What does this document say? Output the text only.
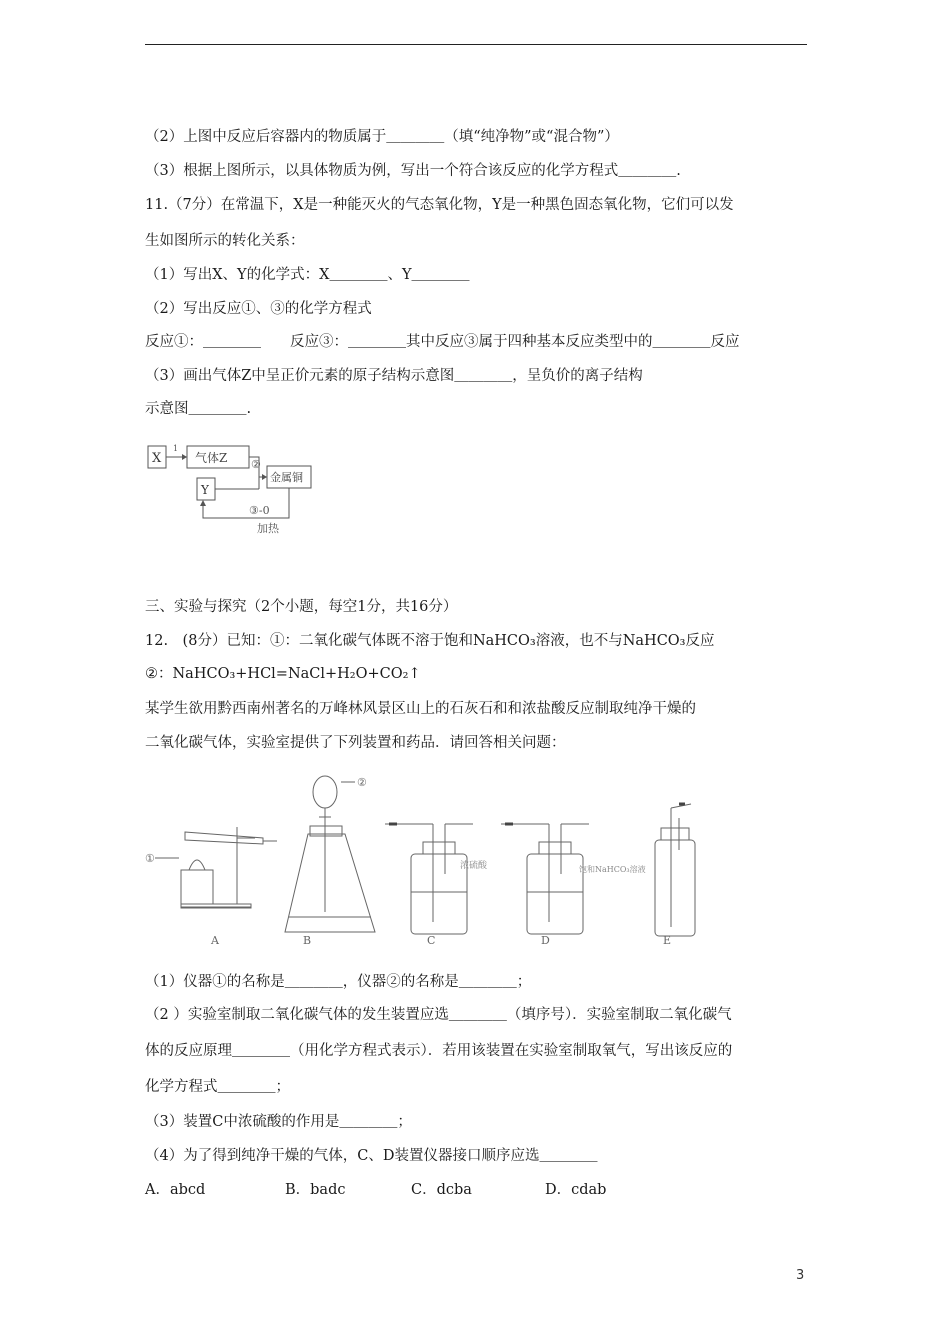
（2）上图中反应后容器内的物质属于＿＿＿＿（填“纯净物”或“混合物”）
（3）根据上图所示，以具体物质为例，写出一个符合该反应的化学方程式＿＿＿＿.
11.（7分）在常温下，X是一种能灭火的气态氧化物，Y是一种黑色固态氧化物，它们可以发
生如图所示的转化关系：
（1）写出X、Y的化学式：X＿＿＿＿、Y＿＿＿＿
（2）写出反应①、③的化学方程式
反应①：＿＿＿＿　　反应③：＿＿＿＿其中反应③属于四种基本反应类型中的＿＿＿＿反应
（3）画出气体Z中呈正价元素的原子结构示意图＿＿＿＿，呈负价的离子结构
示意图＿＿＿＿.
X
1
气体Z ②
金属铜
Y
③-0
加热
三、实验与探究（2个小题，每空1分，共16分）
12.　(8分）已知：①：二氧化碳气体既不溶于饱和NaHCO₃溶液，也不与NaHCO₃反应
②：NaHCO₃+HCl=NaCl+H₂O+CO₂↑
某学生欲用黔西南州著名的万峰林风景区山上的石灰石和和浓盐酸反应制取纯净干燥的
二氧化碳气体，实验室提供了下列装置和药品．请回答相关问题：
①
②
浓硫酸	饱和NaHCO₃溶液
A	B	C	D	E
（1）仪器①的名称是＿＿＿＿，仪器②的名称是＿＿＿＿；
（2 ）实验室制取二氧化碳气体的发生装置应选＿＿＿＿（填序号）．实验室制取二氧化碳气
体的反应原理＿＿＿＿（用化学方程式表示）．若用该装置在实验室制取氧气，写出该反应的
化学方程式＿＿＿＿；
（3）装置C中浓硫酸的作用是＿＿＿＿；
（4）为了得到纯净干燥的气体，C、D装置仪器接口顺序应选＿＿＿＿
A．abcd	B．badc	C．dcba	D．cdab
3
